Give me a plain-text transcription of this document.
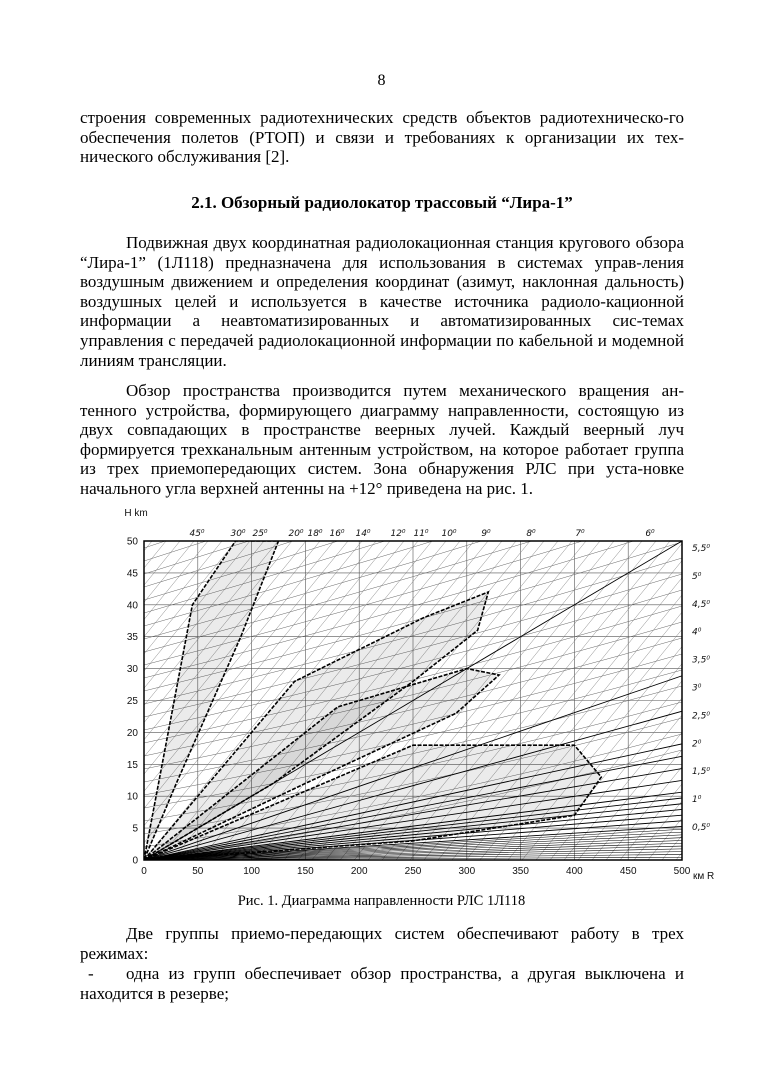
8

строения современных радиотехнических средств объектов радиотехническо-го обеспечения полетов (РТОП) и связи и требованиях к организации их тех-нического обслуживания [2].

2.1. Обзорный радиолокатор трассовый “Лира-1”

Подвижная двух координатная радиолокационная станция кругового обзора “Лира-1” (1Л118) предназначена для использования в системах управ-ления воздушным движением и определения координат (азимут, наклонная дальность) воздушных целей и используется в качестве источника радиоло-кационной информации а неавтоматизированных и автоматизированных сис-темах управления с передачей радиолокационной информации по кабельной и модемной линиям трансляции.

Обзор пространства производится путем механического вращения ан-тенного устройства, формирующего диаграмму направленности, состоящую из двух совпадающих в пространстве веерных лучей. Каждый веерный луч формируется трехканальным антенным устройством, на которое работает группа из трех приемопередающих систем. Зона обнаружения РЛС при уста-новке начального угла верхней антенны на +12° приведена на рис. 1.

H km
км R
0	50	100	150	200	250	300	350	400	450	500
0
5
10
15
20
25
30
35
40
45
50
45⁰	30⁰ 25⁰ 20⁰ 18⁰ 16⁰ 14⁰ 12⁰ 11⁰ 10⁰	9⁰	8⁰	7⁰	6⁰
5,5⁰
5⁰
4,5⁰
4⁰
3,5⁰
3⁰
2,5⁰
2⁰
1,5⁰
1⁰
0,5⁰
Рис. 1. Диаграмма направленности РЛС 1Л118

Две группы приемо-передающих систем обеспечивают работу в трех режимах:

-	одна из групп обеспечивает обзор пространства, а другая выключена и находится в резерве;
